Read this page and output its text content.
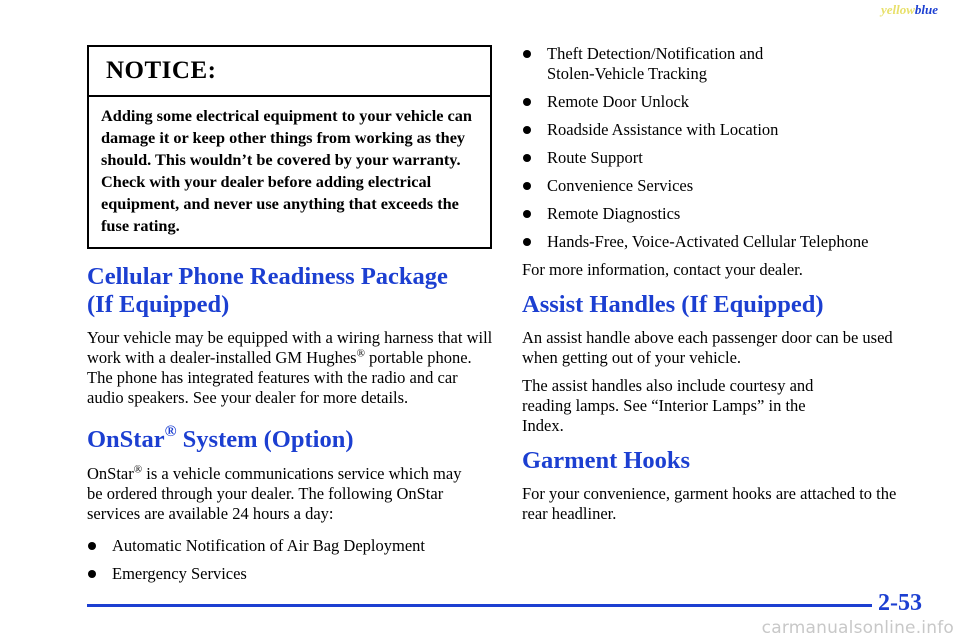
yellowblue
NOTICE:
Adding some electrical equipment to your vehicle can damage it or keep other things from working as they should. This wouldn’t be covered by your warranty. Check with your dealer before adding electrical equipment, and never use anything that exceeds the fuse rating.
Cellular Phone Readiness Package
(If Equipped)

Your vehicle may be equipped with a wiring harness that will work with a dealer-installed GM Hughes® portable phone. The phone has integrated features with the radio and car audio speakers. See your dealer for more details.

OnStar® System (Option)

OnStar® is a vehicle communications service which may be ordered through your dealer. The following OnStar services are available 24 hours a day:

Automatic Notification of Air Bag Deployment
Emergency Services
Theft Detection/Notification and Stolen-Vehicle Tracking
Remote Door Unlock
Roadside Assistance with Location
Route Support
Convenience Services
Remote Diagnostics
Hands-Free, Voice-Activated Cellular Telephone

For more information, contact your dealer.

Assist Handles (If Equipped)

An assist handle above each passenger door can be used when getting out of your vehicle.

The assist handles also include courtesy and reading lamps. See “Interior Lamps” in the Index.

Garment Hooks

For your convenience, garment hooks are attached to the rear headliner.

2-53
carmanualsonline.info
